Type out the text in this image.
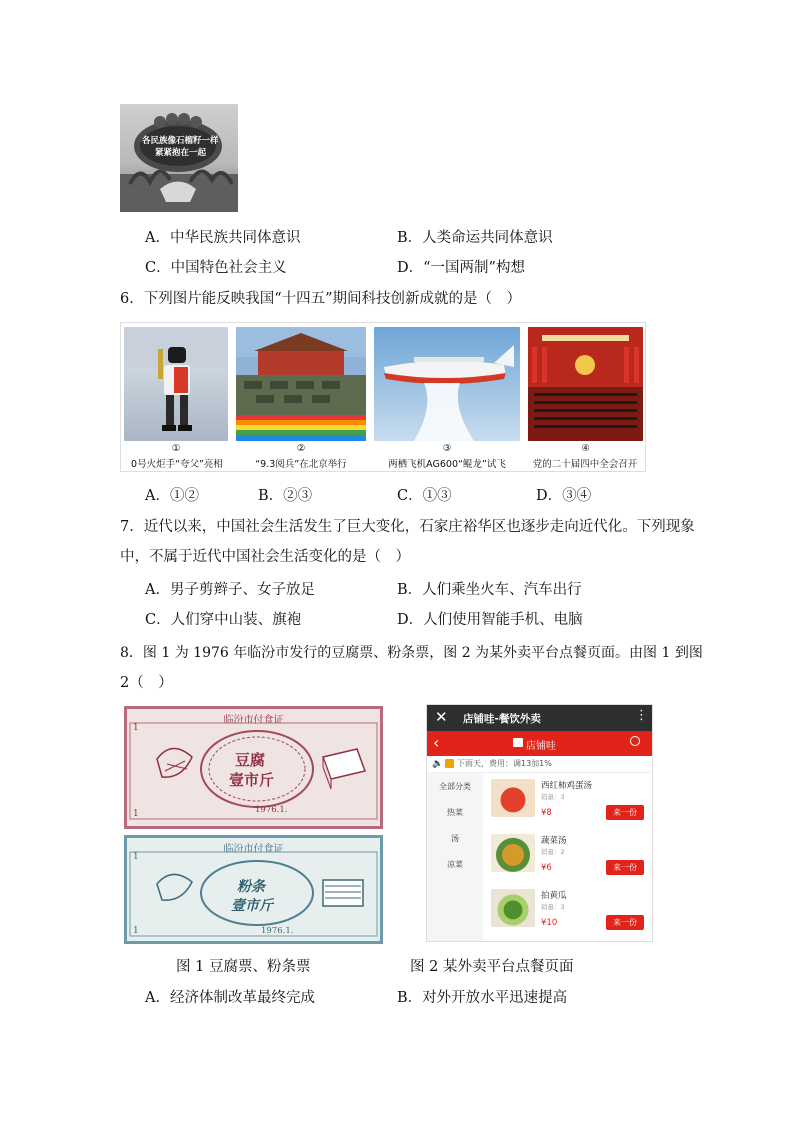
各民族像石榴籽一样
紧紧抱在一起
A．中华民族共同体意识	B．人类命运共同体意识
C．中国特色社会主义	D．“一国两制”构想
6．下列图片能反映我国“十四五”期间科技创新成就的是（　）
①	②	③	④
0号火炬手“夸父”亮相	“9.3阅兵”在北京举行	两栖飞机AG600“鲲龙”试飞	党的二十届四中全会召开
A．①②	B．②③	C．①③	D．③④
7．近代以来，中国社会生活发生了巨大变化，石家庄裕华区也逐步走向近代化。下列现象
中，不属于近代中国社会生活变化的是（　）
A．男子剪辫子、女子放足	B．人们乘坐火车、汽车出行
C．人们穿中山装、旗袍	D．人们使用智能手机、电脑
8．图 1 为 1976 年临汾市发行的豆腐票、粉条票，图 2 为某外卖平台点餐页面。由图 1 到图
2（　）
临汾市付食证
1
1
豆腐
壹市斤
1976.1.
临汾市付食证
1
1
粉条
壹市斤
1976.1.
✕ 店铺哇-餐饮外卖	⋮
‹	店铺哇
🔈 下雨天，费用：调13加1%
全部分类
热菜
汤
凉菜
西红柿鸡蛋汤
销量：3
¥8	来一份
蔬菜汤
销量：2
¥6	来一份
拍黄瓜
销量：3
¥10	来一份
图 1 豆腐票、粉条票	图 2 某外卖平台点餐页面
A．经济体制改革最终完成	B．对外开放水平迅速提高
